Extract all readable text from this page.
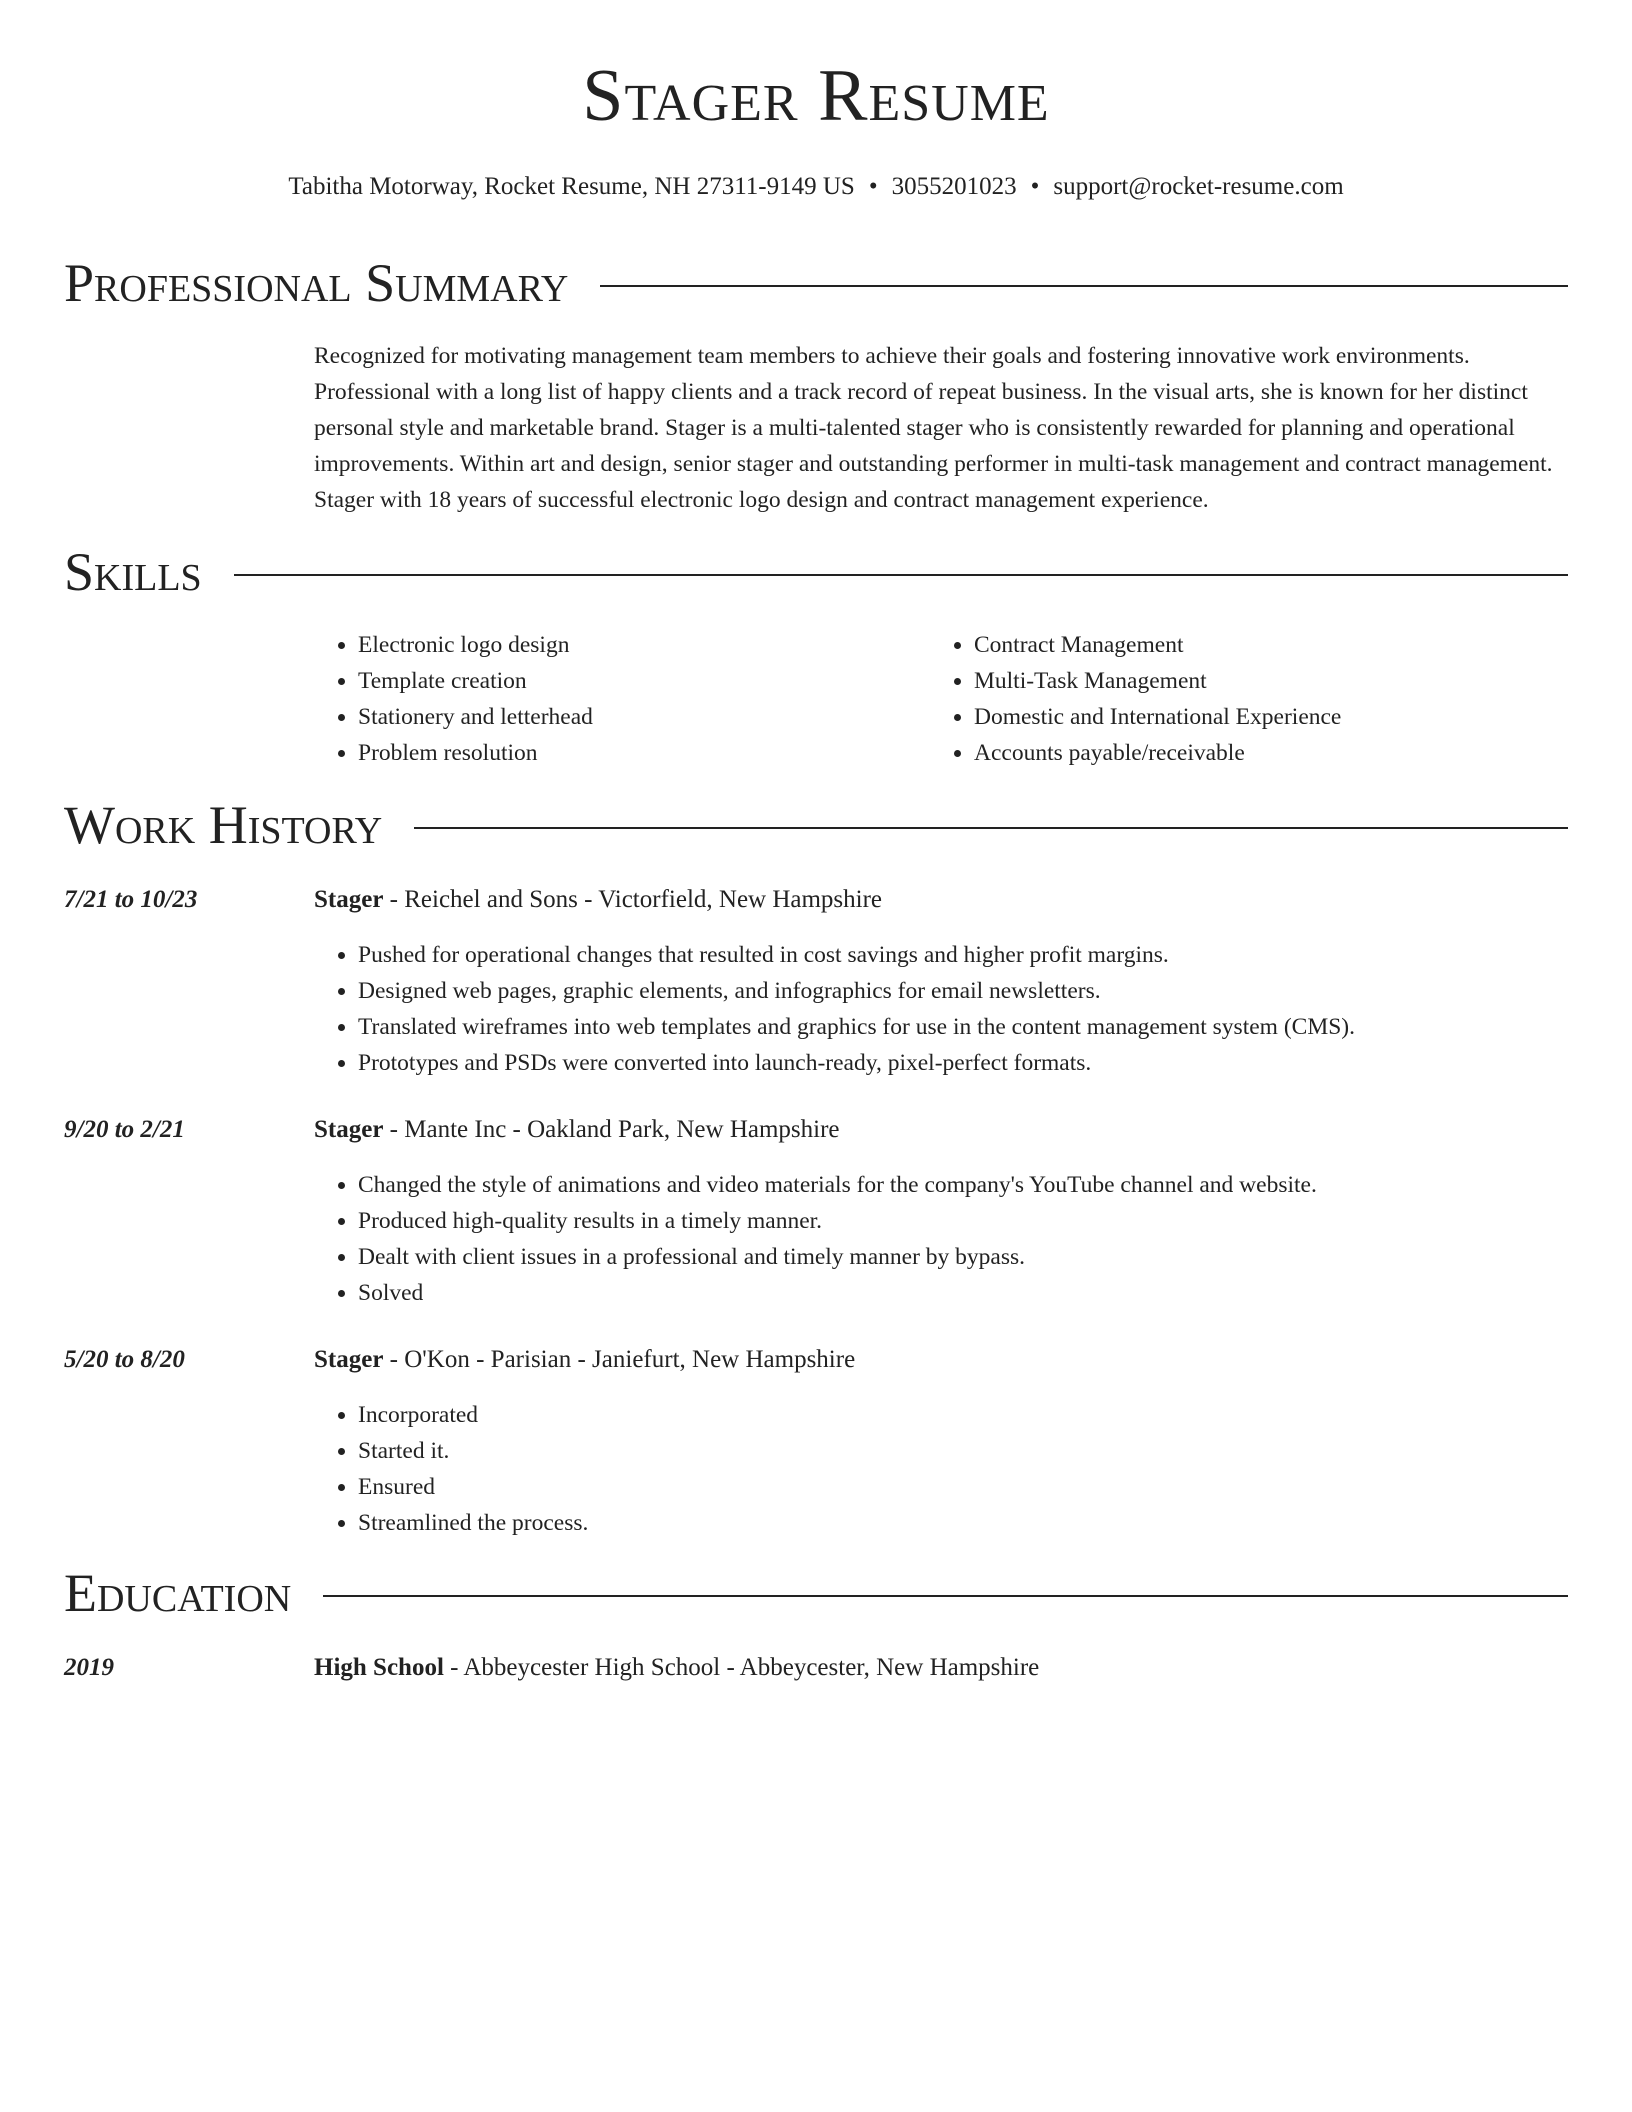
Stager Resume
Tabitha Motorway, Rocket Resume, NH 27311-9149 US • 3055201023 • support@rocket-resume.com
Professional Summary

Recognized for motivating management team members to achieve their goals and fostering innovative work environments. Professional with a long list of happy clients and a track record of repeat business. In the visual arts, she is known for her distinct personal style and marketable brand. Stager is a multi-talented stager who is consistently rewarded for planning and operational improvements. Within art and design, senior stager and outstanding performer in multi-task management and contract management. Stager with 18 years of successful electronic logo design and contract management experience.

Skills
• Electronic logo design
• Template creation
• Stationery and letterhead
• Problem resolution
• Contract Management
• Multi-Task Management
• Domestic and International Experience
• Accounts payable/receivable
Work History
7/21 to 10/23	Stager - Reichel and Sons - Victorfield, New Hampshire
• Pushed for operational changes that resulted in cost savings and higher profit margins.
• Designed web pages, graphic elements, and infographics for email newsletters.
• Translated wireframes into web templates and graphics for use in the content management system (CMS).
• Prototypes and PSDs were converted into launch-ready, pixel-perfect formats.
9/20 to 2/21	Stager - Mante Inc - Oakland Park, New Hampshire
• Changed the style of animations and video materials for the company's YouTube channel and website.
• Produced high-quality results in a timely manner.
• Dealt with client issues in a professional and timely manner by bypass.
• Solved
5/20 to 8/20	Stager - O'Kon - Parisian - Janiefurt, New Hampshire
• Incorporated
• Started it.
• Ensured
• Streamlined the process.
Education
2019	High School - Abbeycester High School - Abbeycester, New Hampshire
